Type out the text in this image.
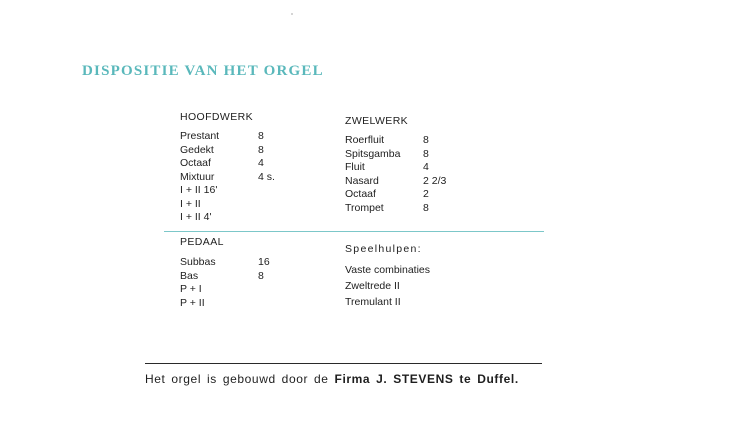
DISPOSITIE VAN HET ORGEL
HOOFDWERK
Prestant	8
Gedekt	8
Octaaf	4
Mixtuur	4 s.
I + II 16'
I + II
I + II 4'
ZWELWERK
Roerfluit	8
Spitsgamba 8
Fluit	4
Nasard	2 2/3
Octaaf	2
Trompet	8
PEDAAL
Subbas	16
Bas	8
P + I
P + II
Speelhulpen:
Vaste combinaties
Zweltrede II
Tremulant II
Het orgel is gebouwd door de Firma J. STEVENS te Duffel.
